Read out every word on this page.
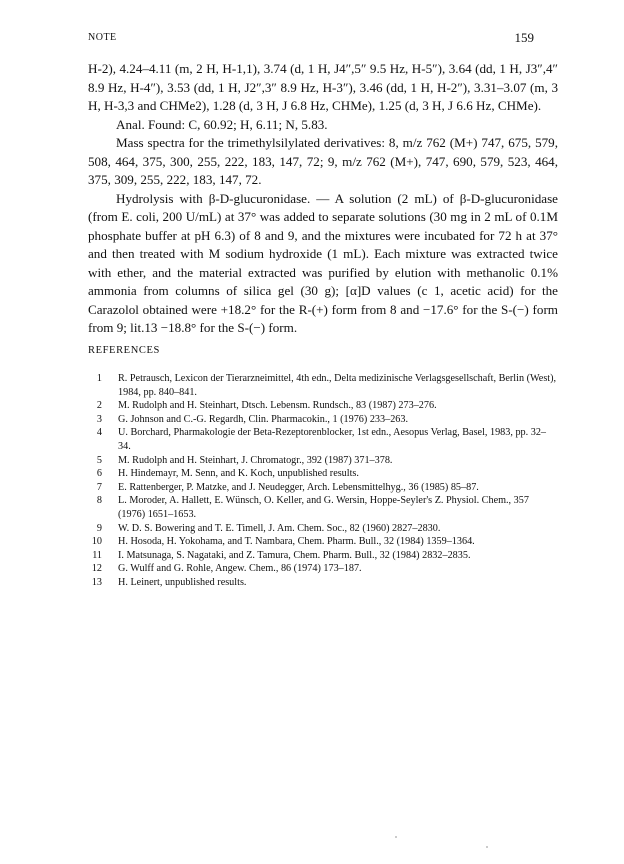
NOTE	159

H-2), 4.24–4.11 (m, 2 H, H-1,1), 3.74 (d, 1 H, J4″,5″ 9.5 Hz, H-5″), 3.64 (dd, 1 H, J3″,4″ 8.9 Hz, H-4″), 3.53 (dd, 1 H, J2″,3″ 8.9 Hz, H-3″), 3.46 (dd, 1 H, H-2″), 3.31–3.07 (m, 3 H, H-3,3 and CHMe2), 1.28 (d, 3 H, J 6.8 Hz, CHMe), 1.25 (d, 3 H, J 6.6 Hz, CHMe).

Anal. Found: C, 60.92; H, 6.11; N, 5.83.

Mass spectra for the trimethylsilylated derivatives: 8, m/z 762 (M+) 747, 675, 579, 508, 464, 375, 300, 255, 222, 183, 147, 72; 9, m/z 762 (M+), 747, 690, 579, 523, 464, 375, 309, 255, 222, 183, 147, 72.

Hydrolysis with β-D-glucuronidase. — A solution (2 mL) of β-D-glucuronidase (from E. coli, 200 U/mL) at 37° was added to separate solutions (30 mg in 2 mL of 0.1M phosphate buffer at pH 6.3) of 8 and 9, and the mixtures were incubated for 72 h at 37° and then treated with M sodium hydroxide (1 mL). Each mixture was extracted twice with ether, and the material extracted was purified by elution with methanolic 0.1% ammonia from columns of silica gel (30 g); [α]D values (c 1, acetic acid) for the Carazolol obtained were +18.2° for the R-(+) form from 8 and −17.6° for the S-(−) form from 9; lit.13 −18.8° for the S-(−) form.

REFERENCES
1 R. Petrausch, Lexicon der Tierarzneimittel, 4th edn., Delta medizinische Verlagsgesellschaft, Berlin (West), 1984, pp. 840–841.
2 M. Rudolph and H. Steinhart, Dtsch. Lebensm. Rundsch., 83 (1987) 273–276.
3 G. Johnson and C.-G. Regardh, Clin. Pharmacokin., 1 (1976) 233–263.
4 U. Borchard, Pharmakologie der Beta-Rezeptorenblocker, 1st edn., Aesopus Verlag, Basel, 1983, pp. 32–34.
5 M. Rudolph and H. Steinhart, J. Chromatogr., 392 (1987) 371–378.
6 H. Hindemayr, M. Senn, and K. Koch, unpublished results.
7 E. Rattenberger, P. Matzke, and J. Neudegger, Arch. Lebensmittelhyg., 36 (1985) 85–87.
8 L. Moroder, A. Hallett, E. Wünsch, O. Keller, and G. Wersin, Hoppe-Seyler's Z. Physiol. Chem., 357 (1976) 1651–1653.
9 W. D. S. Bowering and T. E. Timell, J. Am. Chem. Soc., 82 (1960) 2827–2830.
10 H. Hosoda, H. Yokohama, and T. Nambara, Chem. Pharm. Bull., 32 (1984) 1359–1364.
11 I. Matsunaga, S. Nagataki, and Z. Tamura, Chem. Pharm. Bull., 32 (1984) 2832–2835.
12 G. Wulff and G. Rohle, Angew. Chem., 86 (1974) 173–187.
13 H. Leinert, unpublished results.
